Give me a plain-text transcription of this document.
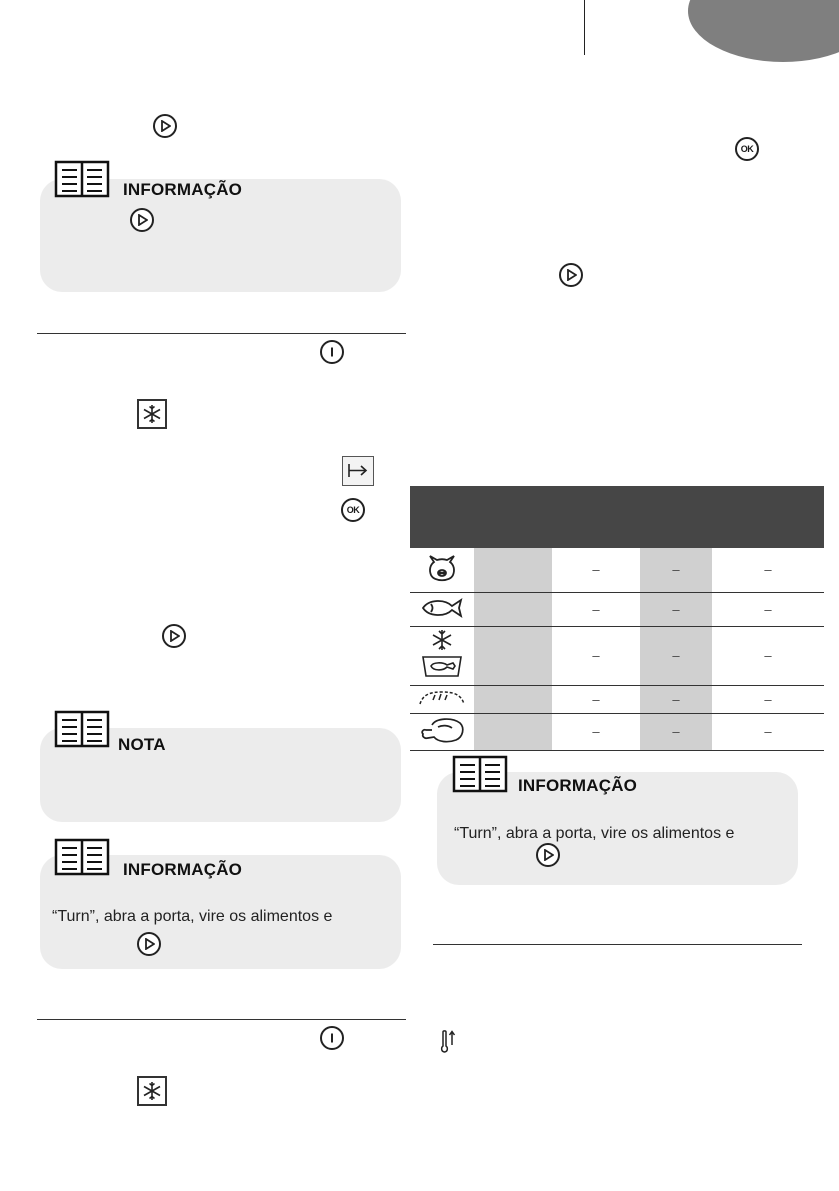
INFORMAÇÃO
OK
NOTA
INFORMAÇÃO
“Turn”, abra a porta, vire os alimentos e
OK

		–	–	–
		–	–	–
		–	–	–
		–	–	–
		–	–	–
INFORMAÇÃO
“Turn”, abra a porta, vire os alimentos e
